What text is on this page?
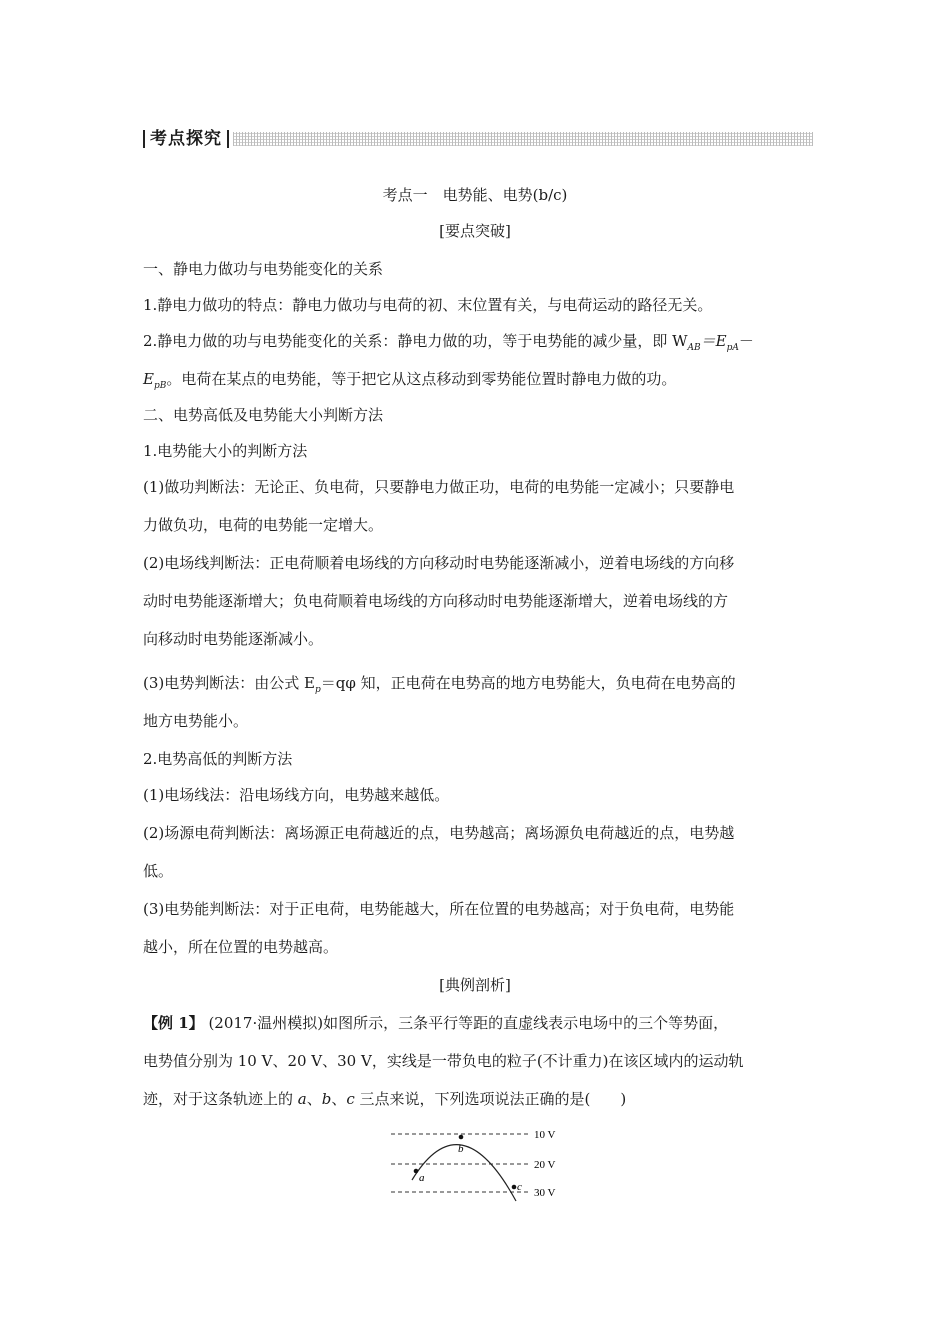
考点探究
考点一　电势能、电势(b/c)
[要点突破]
一、静电力做功与电势能变化的关系
1.静电力做功的特点：静电力做功与电荷的初、末位置有关，与电荷运动的路径无关。
2.静电力做的功与电势能变化的关系：静电力做的功，等于电势能的减少量，即 $W_{AB}=E_{pA}-$
$E_{pB}$。电荷在某点的电势能，等于把它从这点移动到零势能位置时静电力做的功。
二、电势高低及电势能大小判断方法
1.电势能大小的判断方法
(1)做功判断法：无论正、负电荷，只要静电力做正功，电荷的电势能一定减小；只要静电
力做负功，电荷的电势能一定增大。
(2)电场线判断法：正电荷顺着电场线的方向移动时电势能逐渐减小，逆着电场线的方向移
动时电势能逐渐增大；负电荷顺着电场线的方向移动时电势能逐渐增大，逆着电场线的方
向移动时电势能逐渐减小。
(3)电势判断法：由公式 $E_p=q\varphi$ 知，正电荷在电势高的地方电势能大，负电荷在电势高的
地方电势能小。
2.电势高低的判断方法
(1)电场线法：沿电场线方向，电势越来越低。
(2)场源电荷判断法：离场源正电荷越近的点，电势越高；离场源负电荷越近的点，电势越
低。
(3)电势能判断法：对于正电荷，电势能越大，所在位置的电势越高；对于负电荷，电势能
越小，所在位置的电势越高。
[典例剖析]
【例 1】 (2017·温州模拟)如图所示，三条平行等距的直虚线表示电场中的三个等势面，
电势值分别为 10 V、20 V、30 V，实线是一带负电的粒子(不计重力)在该区域内的运动轨
迹，对于这条轨迹上的 a、b、c 三点来说，下列选项说法正确的是(　　)
a
b
c
10 V
20 V
30 V
